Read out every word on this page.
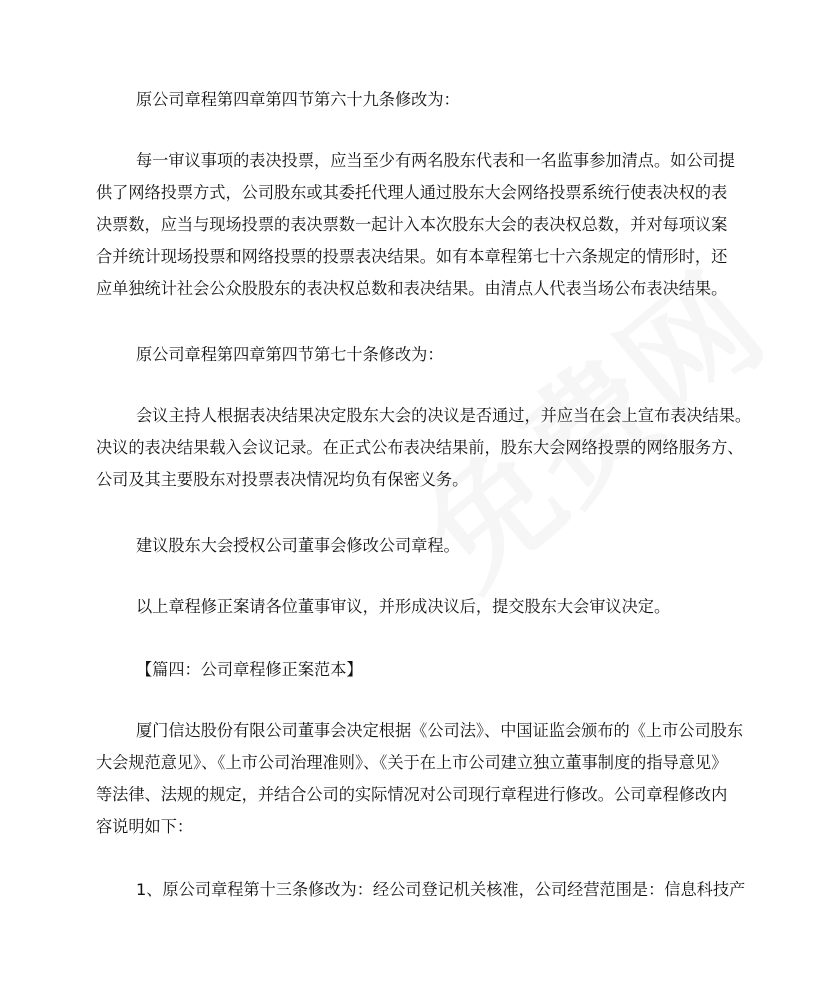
原公司章程第四章第四节第六十九条修改为：
每一审议事项的表决投票，应当至少有两名股东代表和一名监事参加清点。如公司提
供了网络投票方式，公司股东或其委托代理人通过股东大会网络投票系统行使表决权的表
决票数，应当与现场投票的表决票数一起计入本次股东大会的表决权总数，并对每项议案
合并统计现场投票和网络投票的投票表决结果。如有本章程第七十六条规定的情形时，还
应单独统计社会公众股股东的表决权总数和表决结果。由清点人代表当场公布表决结果。
原公司章程第四章第四节第七十条修改为：
会议主持人根据表决结果决定股东大会的决议是否通过，并应当在会上宣布表决结果。
决议的表决结果载入会议记录。在正式公布表决结果前，股东大会网络投票的网络服务方、
公司及其主要股东对投票表决情况均负有保密义务。
建议股东大会授权公司董事会修改公司章程。
以上章程修正案请各位董事审议，并形成决议后，提交股东大会审议决定。
【篇四：公司章程修正案范本】
厦门信达股份有限公司董事会决定根据《公司法》、中国证监会颁布的《上市公司股东
大会规范意见》、《上市公司治理准则》、《关于在上市公司建立独立董事制度的指导意见》
等法律、法规的规定，并结合公司的实际情况对公司现行章程进行修改。公司章程修改内
容说明如下：
1、原公司章程第十三条修改为：经公司登记机关核准，公司经营范围是：信息科技产
